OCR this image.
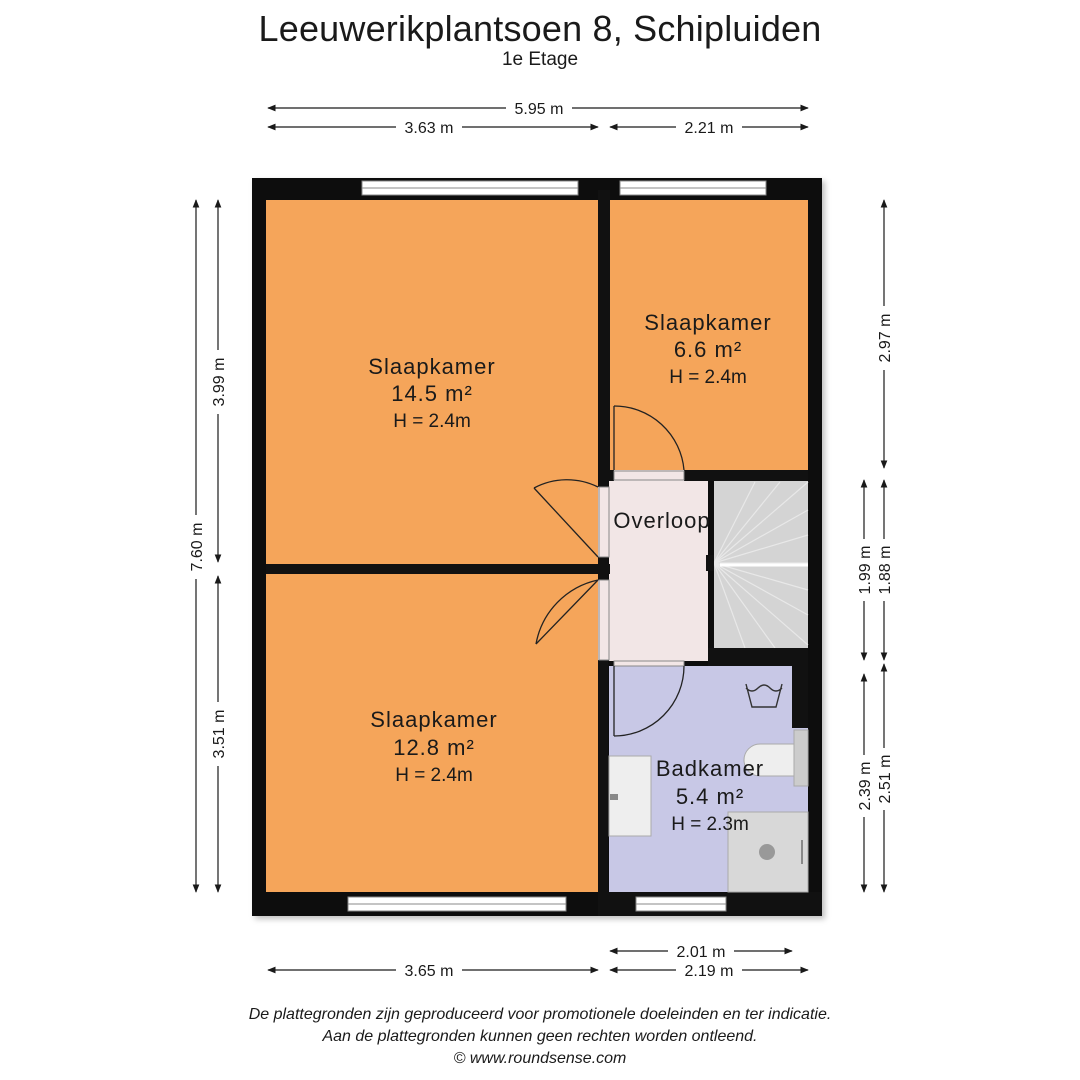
Leeuwerikplantsoen 8, Schipluiden
1e Etage
5.95 m
3.63 m	2.21 m
7.60 m
3.99 m
3.51 m
2.97 m
1.99 m 1.88 m
2.39 m 2.51 m
3.65 m
2.01 m
2.19 m
Slaapkamer
14.5 m²
H = 2.4m
Slaapkamer
6.6 m²
H = 2.4m
Overloop
Slaapkamer
12.8 m²
H = 2.4m	Badkamer
5.4 m²
H = 2.3m
De plattegronden zijn geproduceerd voor promotionele doeleinden en ter indicatie.
Aan de plattegronden kunnen geen rechten worden ontleend.
© www.roundsense.com
